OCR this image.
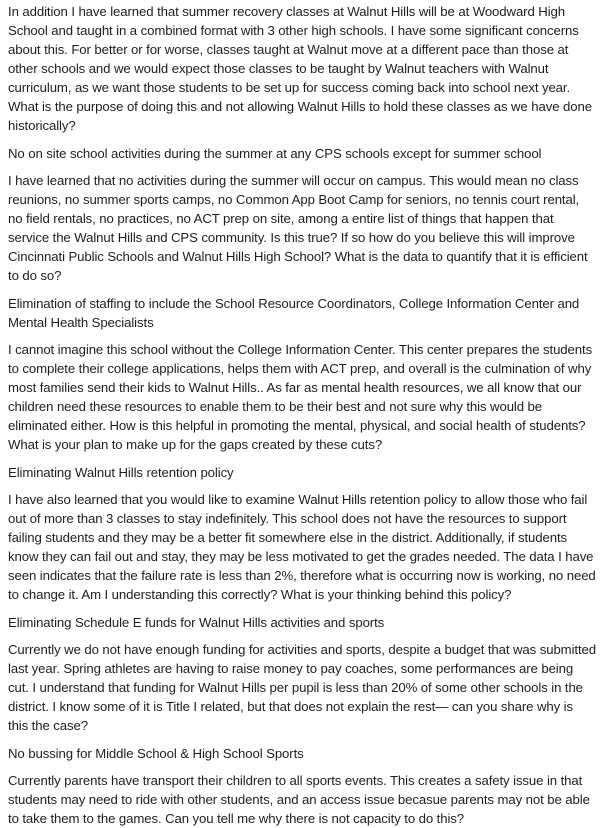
In addition I have learned that summer recovery classes at Walnut Hills will be at Woodward High School and taught in a combined format with 3 other high schools. I have some significant concerns about this. For better or for worse, classes taught at Walnut move at a different pace than those at other schools and we would expect those classes to be taught by Walnut teachers with Walnut curriculum, as we want those students to be set up for success coming back into school next year. What is the purpose of doing this and not allowing Walnut Hills to hold these classes as we have done historically?

No on site school activities during the summer at any CPS schools except for summer school

I have learned that no activities during the summer will occur on campus. This would mean no class reunions, no summer sports camps, no Common App Boot Camp for seniors, no tennis court rental, no field rentals, no practices, no ACT prep on site, among a entire list of things that happen that service the Walnut Hills and CPS community. Is this true? If so how do you believe this will improve Cincinnati Public Schools and Walnut Hills High School? What is the data to quantify that it is efficient to do so?

Elimination of staffing to include the School Resource Coordinators, College Information Center and Mental Health Specialists

I cannot imagine this school without the College Information Center. This center prepares the students to complete their college applications, helps them with ACT prep, and overall is the culmination of why most families send their kids to Walnut Hills.. As far as mental health resources, we all know that our children need these resources to enable them to be their best and not sure why this would be eliminated either. How is this helpful in promoting the mental, physical, and social health of students? What is your plan to make up for the gaps created by these cuts?

Eliminating Walnut Hills retention policy

I have also learned that you would like to examine Walnut Hills retention policy to allow those who fail out of more than 3 classes to stay indefinitely. This school does not have the resources to support failing students and they may be a better fit somewhere else in the district. Additionally, if students know they can fail out and stay, they may be less motivated to get the grades needed. The data I have seen indicates that the failure rate is less than 2%, therefore what is occurring now is working, no need to change it. Am I understanding this correctly? What is your thinking behind this policy?

Eliminating Schedule E funds for Walnut Hills activities and sports

Currently we do not have enough funding for activities and sports, despite a budget that was submitted last year. Spring athletes are having to raise money to pay coaches, some performances are being cut. I understand that funding for Walnut Hills per pupil is less than 20% of some other schools in the district. I know some of it is Title I related, but that does not explain the rest— can you share why is this the case?

No bussing for Middle School & High School Sports

Currently parents have transport their children to all sports events. This creates a safety issue in that students may need to ride with other students, and an access issue becasue parents may not be able to take them to the games. Can you tell me why there is not capacity to do this?
